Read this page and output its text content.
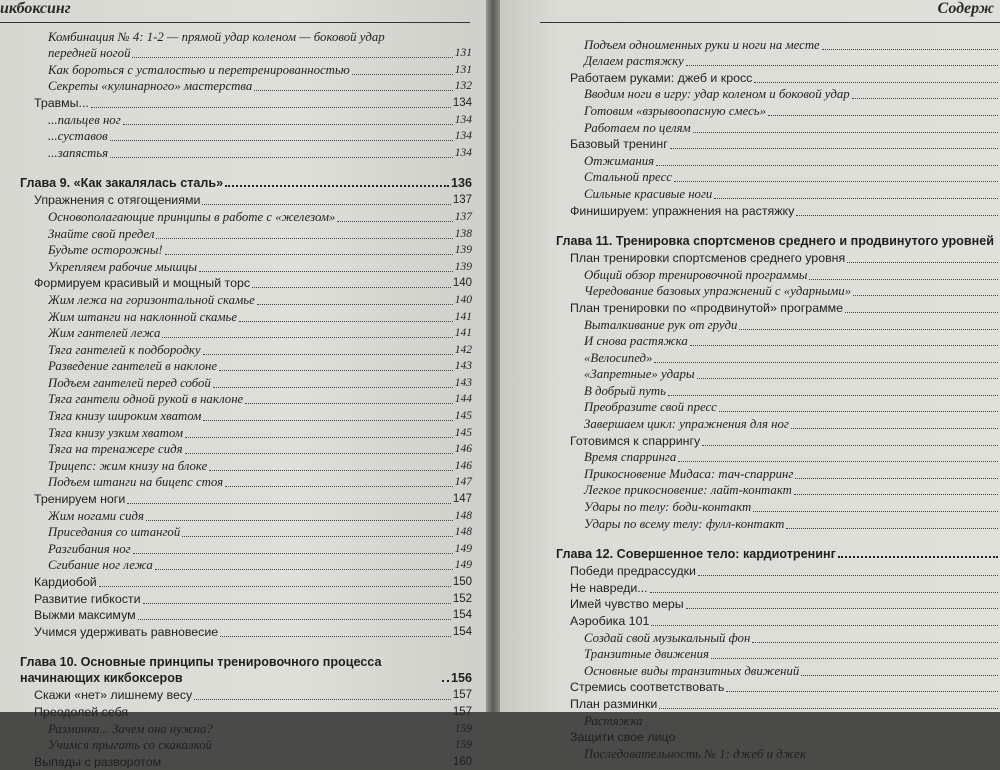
икбоксинг	Содерж
Комбинация № 4: 1-2 — прямой удар коленом — боковой удар
передней ногой	131
Как бороться с усталостью и перетренированностью	131
Секреты «кулинарного» мастерства	132
Травмы...	134
...пальцев ног	134
...суставов	134
...запястья	134
Глава 9. «Как закалялась сталь»	136
Упражнения с отягощениями	137
Основополагающие принципы в работе с «железом»	137
Знайте свой предел	138
Будьте осторожны!	139
Укрепляем рабочие мышцы	139
Формируем красивый и мощный торс	140
Жим лежа на горизонтальной скамье	140
Жим штанги на наклонной скамье	141
Жим гантелей лежа	141
Тяга гантелей к подбородку	142
Разведение гантелей в наклоне	143
Подъем гантелей перед собой	143
Тяга гантели одной рукой в наклоне	144
Тяга книзу широким хватом	145
Тяга книзу узким хватом	145
Тяга на тренажере сидя	146
Трицепс: жим книзу на блоке	146
Подъем штанги на бицепс стоя	147
Тренируем ноги	147
Жим ногами сидя	148
Приседания со штангой	148
Разгибания ног	149
Сгибание ног лежа	149
Кардиобой	150
Развитие гибкости	152
Выжми максимум	154
Учимся удерживать равновесие	154
Глава 10. Основные принципы тренировочного процесса начинающих кикбоксеров	156
Скажи «нет» лишнему весу	157
Преодолей себя	157
Разминка... Зачем она нужна?	159
Учимся прыгать со скакалкой	159
Выпады с разворотом	160
Подъем одноименных руки и ноги на месте
Делаем растяжку
Работаем руками: джеб и кросс
Вводим ноги в игру: удар коленом и боковой удар
Готовим «взрывоопасную смесь»
Работаем по целям
Базовый тренинг
Отжимания
Стальной пресс
Сильные красивые ноги
Финишируем: упражнения на растяжку
Глава 11. Тренировка спортсменов среднего и продвинутого уровней
План тренировки спортсменов среднего уровня
Общий обзор тренировочной программы
Чередование базовых упражнений с «ударными»
План тренировки по «продвинутой» программе
Выталкивание рук от груди
И снова растяжка
«Велосипед»
«Запретные» удары
В добрый путь
Преобразите свой пресс
Завершаем цикл: упражнения для ног
Готовимся к спаррингу
Время спарринга
Прикосновение Мидаса: тач-спарринг
Легкое прикосновение: лайт-контакт
Удары по телу: боди-контакт
Удары по всему телу: фулл-контакт
Глава 12. Совершенное тело: кардиотренинг
Победи предрассудки
Не навреди...
Имей чувство меры
Аэробика 101
Создай свой музыкальный фон
Транзитные движения
Основные виды транзитных движений
Стремись соответствовать
План разминки
Растяжка
Защити свое лицо
Последовательность № 1: джеб и джек
